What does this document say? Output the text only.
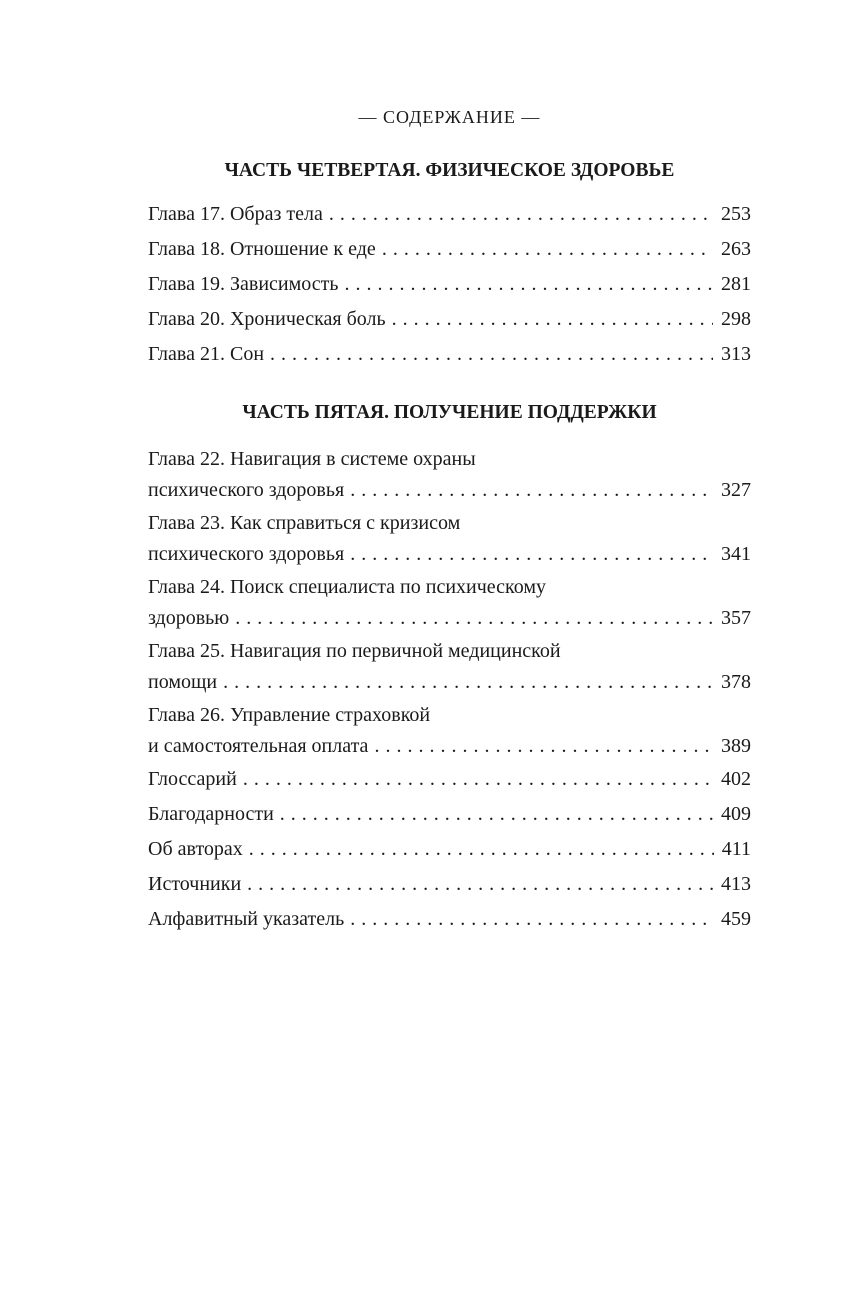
— СОДЕРЖАНИЕ —
ЧАСТЬ ЧЕТВЕРТАЯ. ФИЗИЧЕСКОЕ ЗДОРОВЬЕ
Глава 17. Образ тела . . .	253
Глава 18. Отношение к еде . . .	263
Глава 19. Зависимость . . .	281
Глава 20. Хроническая боль . . .	298
Глава 21. Сон . . .	313
ЧАСТЬ ПЯТАЯ. ПОЛУЧЕНИЕ ПОДДЕРЖКИ
Глава 22. Навигация в системе охраны
психического здоровья . . .	327
Глава 23. Как справиться с кризисом
психического здоровья . . .	341
Глава 24. Поиск специалиста по психическому
здоровью . . .	357
Глава 25. Навигация по первичной медицинской
помощи . . .	378
Глава 26. Управление страховкой
и самостоятельная оплата . . .	389
Глоссарий . . .	402
Благодарности . . .	409
Об авторах . . .	411
Источники . . .	413
Алфавитный указатель . . .	459
